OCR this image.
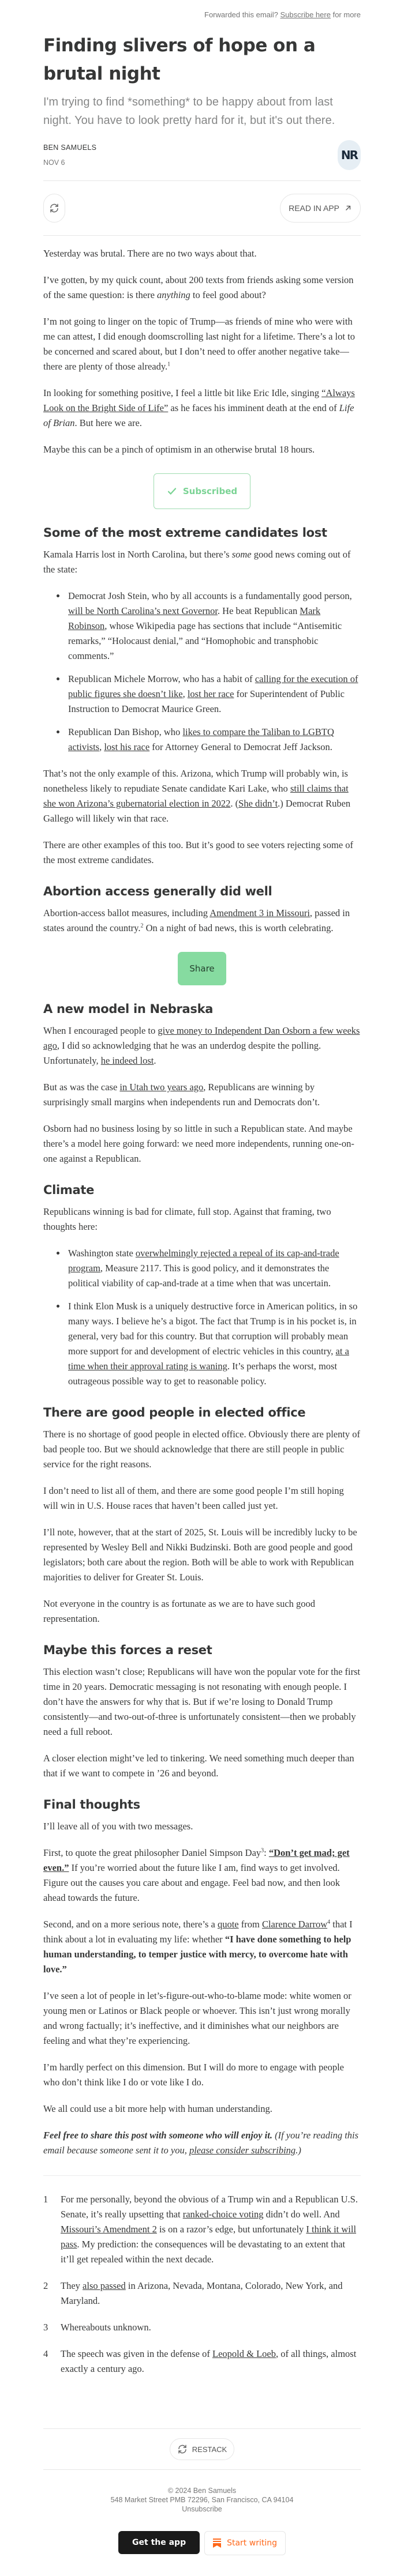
Forwarded this email? Subscribe here for more
Finding slivers of hope on a brutal night
I'm trying to find *something* to be happy about from last night. You have to look pretty hard for it, but it's out there.
BEN SAMUELS
NOV 6
NR
READ IN APP

Yesterday was brutal. There are no two ways about that.

I’ve gotten, by my quick count, about 200 texts from friends asking some version of the same question: is there anything to feel good about?

I’m not going to linger on the topic of Trump—as friends of mine who were with me can attest, I did enough doomscrolling last night for a lifetime. There’s a lot to be concerned and scared about, but I don’t need to offer another negative take—there are plenty of those already.$^1$

In looking for something positive, I feel a little bit like Eric Idle, singing “Always Look on the Bright Side of Life” as he faces his imminent death at the end of Life of Brian. But here we are.

Maybe this can be a pinch of optimism in an otherwise brutal 18 hours.

Subscribed
Some of the most extreme candidates lost

Kamala Harris lost in North Carolina, but there’s some good news coming out of the state:

• Democrat Josh Stein, who by all accounts is a fundamentally good person, will be North Carolina’s next Governor. He beat Republican Mark Robinson, whose Wikipedia page has sections that include “Antisemitic remarks,” “Holocaust denial,” and “Homophobic and transphobic comments.”
• Republican Michele Morrow, who has a habit of calling for the execution of public figures she doesn’t like, lost her race for Superintendent of Public Instruction to Democrat Maurice Green.
• Republican Dan Bishop, who likes to compare the Taliban to LGBTQ activists, lost his race for Attorney General to Democrat Jeff Jackson.

That’s not the only example of this. Arizona, which Trump will probably win, is nonetheless likely to repudiate Senate candidate Kari Lake, who still claims that she won Arizona’s gubernatorial election in 2022. (She didn’t.) Democrat Ruben Gallego will likely win that race.

There are other examples of this too. But it’s good to see voters rejecting some of the most extreme candidates.

Abortion access generally did well

Abortion-access ballot measures, including Amendment 3 in Missouri, passed in states around the country.$^2$ On a night of bad news, this is worth celebrating.

Share
A new model in Nebraska

When I encouraged people to give money to Independent Dan Osborn a few weeks ago, I did so acknowledging that he was an underdog despite the polling. Unfortunately, he indeed lost.

But as was the case in Utah two years ago, Republicans are winning by surprisingly small margins when independents run and Democrats don’t.

Osborn had no business losing by so little in such a Republican state. And maybe there’s a model here going forward: we need more independents, running one-on-one against a Republican.

Climate

Republicans winning is bad for climate, full stop. Against that framing, two thoughts here:

• Washington state overwhelmingly rejected a repeal of its cap-and-trade program, Measure 2117. This is good policy, and it demonstrates the political viability of cap-and-trade at a time when that was uncertain.
• I think Elon Musk is a uniquely destructive force in American politics, in so many ways. I believe he’s a bigot. The fact that Trump is in his pocket is, in general, very bad for this country. But that corruption will probably mean more support for and development of electric vehicles in this country, at a time when their approval rating is waning. It’s perhaps the worst, most outrageous possible way to get to reasonable policy.
There are good people in elected office

There is no shortage of good people in elected office. Obviously there are plenty of bad people too. But we should acknowledge that there are still people in public service for the right reasons.

I don’t need to list all of them, and there are some good people I’m still hoping will win in U.S. House races that haven’t been called just yet.

I’ll note, however, that at the start of 2025, St. Louis will be incredibly lucky to be represented by Wesley Bell and Nikki Budzinski. Both are good people and good legislators; both care about the region. Both will be able to work with Republican majorities to deliver for Greater St. Louis.

Not everyone in the country is as fortunate as we are to have such good representation.

Maybe this forces a reset

This election wasn’t close; Republicans will have won the popular vote for the first time in 20 years. Democratic messaging is not resonating with enough people. I don’t have the answers for why that is. But if we’re losing to Donald Trump consistently—and two-out-of-three is unfortunately consistent—then we probably need a full reboot.

A closer election might’ve led to tinkering. We need something much deeper than that if we want to compete in ’26 and beyond.

Final thoughts

I’ll leave all of you with two messages.

First, to quote the great philosopher Daniel Simpson Day$^3$: “Don’t get mad; get even.” If you’re worried about the future like I am, find ways to get involved. Figure out the causes you care about and engage. Feel bad now, and then look ahead towards the future.

Second, and on a more serious note, there’s a quote from Clarence Darrow$^4$ that I think about a lot in evaluating my life: whether “I have done something to help human understanding, to temper justice with mercy, to overcome hate with love.”

I’ve seen a lot of people in let’s-figure-out-who-to-blame mode: white women or young men or Latinos or Black people or whoever. This isn’t just wrong morally and wrong factually; it’s ineffective, and it diminishes what our neighbors are feeling and what they’re experiencing.

I’m hardly perfect on this dimension. But I will do more to engage with people who don’t think like I do or vote like I do.

We all could use a bit more help with human understanding.

Feel free to share this post with someone who will enjoy it. (If you’re reading this email because someone sent it to you, please consider subscribing.)

1	For me personally, beyond the obvious of a Trump win and a Republican U.S. Senate, it’s really upsetting that ranked-choice voting didn’t do well. And Missouri’s Amendment 2 is on a razor’s edge, but unfortunately I think it will pass. My prediction: the consequences will be devastating to an extent that it’ll get repealed within the next decade.
2	They also passed in Arizona, Nevada, Montana, Colorado, New York, and Maryland.
3	Whereabouts unknown.
4	The speech was given in the defense of Leopold & Loeb, of all things, almost exactly a century ago.
RESTACK
© 2024 Ben Samuels
548 Market Street PMB 72296, San Francisco, CA 94104
Unsubscribe
Get the app	Start writing
